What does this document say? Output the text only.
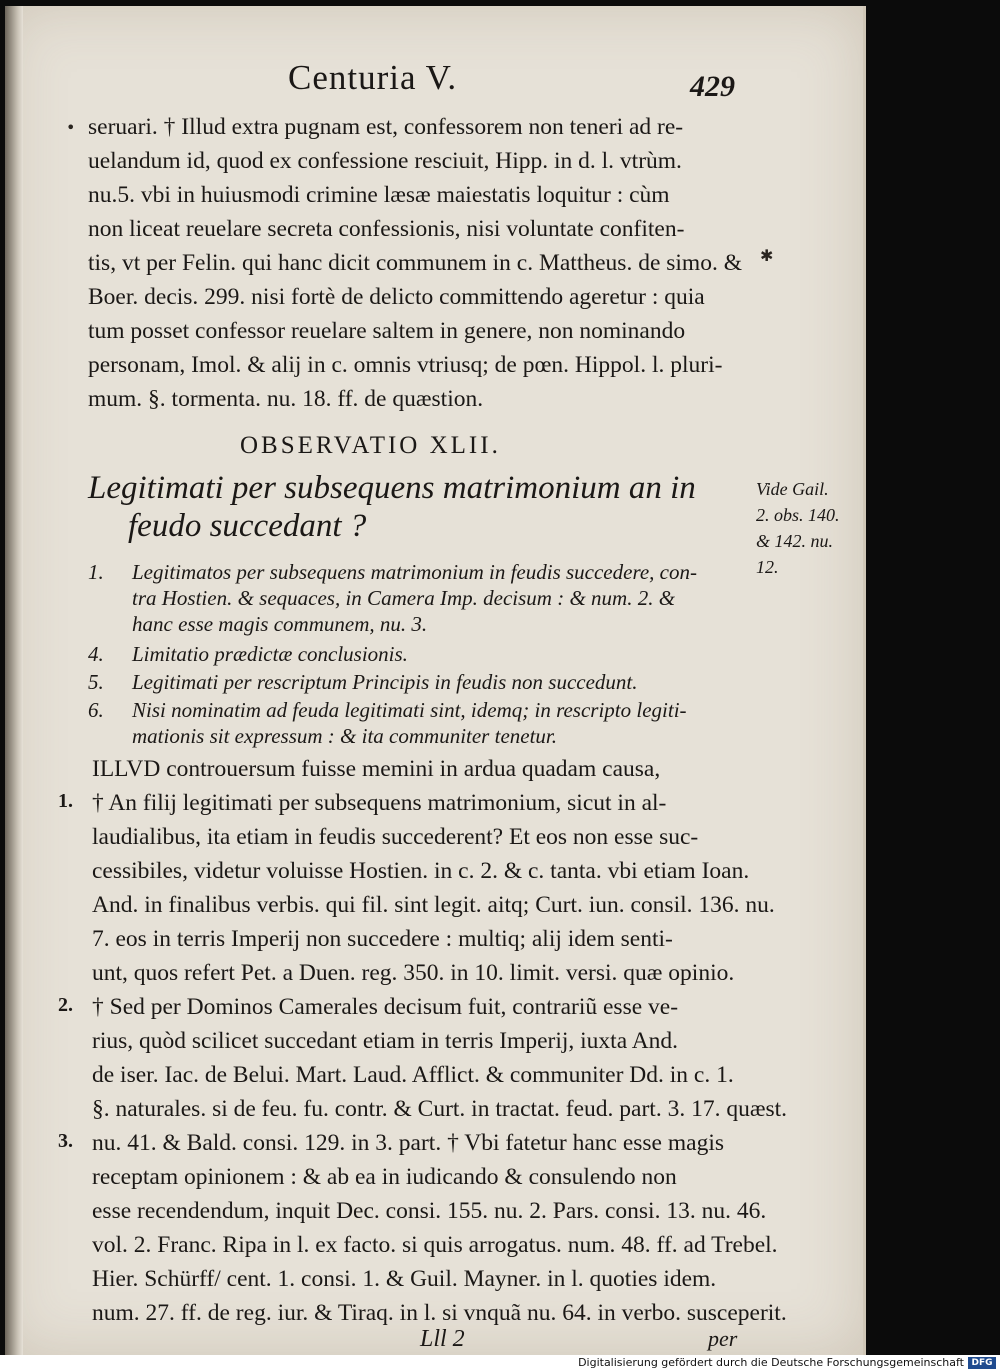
Centuria V.	429
seruari. † Illud extra pugnam est, confessorem non teneri ad re-
uelandum id, quod ex confessione resciuit, Hipp. in d. l. vtrùm.
nu.5. vbi in huiusmodi crimine læsæ maiestatis loquitur : cùm
non liceat reuelare secreta confessionis, nisi voluntate confiten-
tis, vt per Felin. qui hanc dicit communem in c. Mattheus. de simo. &
Boer. decis. 299. nisi fortè de delicto committendo ageretur : quia
tum posset confessor reuelare saltem in genere, non nominando
personam, Imol. & alij in c. omnis vtriusq; de pœn. Hippol. l. pluri-
mum. §. tormenta. nu. 18. ff. de quæstion.
OBSERVATIO XLII.
Legitimati per subsequens matrimonium an in
feudo succedant ?
Vide Gail.
2. obs. 140.
& 142. nu.
12.
1. Legitimatos per subsequens matrimonium in feudis succedere, con-
tra Hostien. & sequaces, in Camera Imp. decisum : & num. 2. &
hanc esse magis communem, nu. 3.
4. Limitatio prædictæ conclusionis.
5. Legitimati per rescriptum Principis in feudis non succedunt.
6. Nisi nominatim ad feuda legitimati sint, idemq; in rescripto legiti-
mationis sit expressum : & ita communiter tenetur.
ILLVD controuersum fuisse memini in ardua quadam causa,
† An filij legitimati per subsequens matrimonium, sicut in al-
laudialibus, ita etiam in feudis succederent? Et eos non esse suc-
cessibiles, videtur voluisse Hostien. in c. 2. & c. tanta. vbi etiam Ioan.
And. in finalibus verbis. qui fil. sint legit. aitq; Curt. iun. consil. 136. nu.
7. eos in terris Imperij non succedere : multiq; alij idem senti-
unt, quos refert Pet. a Duen. reg. 350. in 10. limit. versi. quæ opinio.
† Sed per Dominos Camerales decisum fuit, contrariũ esse ve-
rius, quòd scilicet succedant etiam in terris Imperij, iuxta And.
de iser. Iac. de Belui. Mart. Laud. Afflict. & communiter Dd. in c. 1.
§. naturales. si de feu. fu. contr. & Curt. in tractat. feud. part. 3. 17. quæst.
nu. 41. & Bald. consi. 129. in 3. part. † Vbi fatetur hanc esse magis
receptam opinionem : & ab ea in iudicando & consulendo non
esse recendendum, inquit Dec. consi. 155. nu. 2. Pars. consi. 13. nu. 46.
vol. 2. Franc. Ripa in l. ex facto. si quis arrogatus. num. 48. ff. ad Trebel.
Hier. Schürff/ cent. 1. consi. 1. & Guil. Mayner. in l. quoties idem.
num. 27. ff. de reg. iur. & Tiraq. in l. si vnquã nu. 64. in verbo. susceperit.
1.
2.
3.
•
✱
Lll 2	per
Digitalisierung gefördert durch die Deutsche Forschungsgemeinschaft DFG
